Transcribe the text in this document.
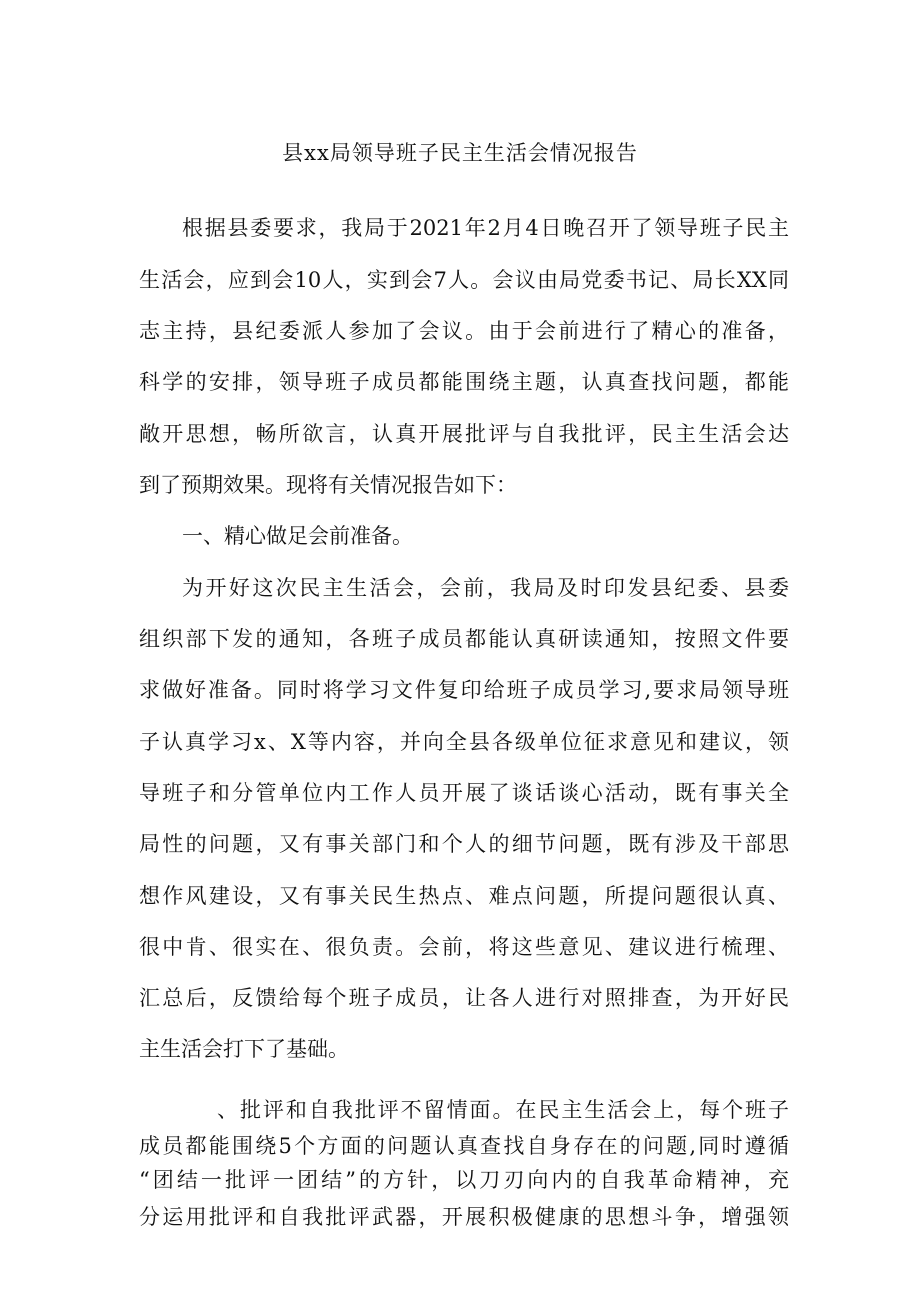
县xx局领导班子民主生活会情况报告
根据县委要求，我局于2021年2月4日晚召开了领导班子民主
生活会，应到会10人，实到会7人。会议由局党委书记、局长XX同
志主持，县纪委派人参加了会议。由于会前进行了精心的准备，
科学的安排，领导班子成员都能围绕主题，认真查找问题，都能
敞开思想，畅所欲言，认真开展批评与自我批评，民主生活会达
到了预期效果。现将有关情况报告如下：
一、精心做足会前准备。
为开好这次民主生活会，会前，我局及时印发县纪委、县委
组织部下发的通知，各班子成员都能认真研读通知，按照文件要
求做好准备。同时将学习文件复印给班子成员学习,要求局领导班
子认真学习x、X等内容，并向全县各级单位征求意见和建议，领
导班子和分管单位内工作人员开展了谈话谈心活动，既有事关全
局性的问题，又有事关部门和个人的细节问题，既有涉及干部思
想作风建设，又有事关民生热点、难点问题，所提问题很认真、
很中肯、很实在、很负责。会前，将这些意见、建议进行梳理、
汇总后，反馈给每个班子成员，让各人进行对照排查，为开好民
主生活会打下了基础。
、批评和自我批评不留情面。在民主生活会上，每个班子
成员都能围绕5个方面的问题认真查找自身存在的问题,同时遵循
“团结一批评一团结”的方针，以刀刃向内的自我革命精神，充
分运用批评和自我批评武器，开展积极健康的思想斗争，增强领
